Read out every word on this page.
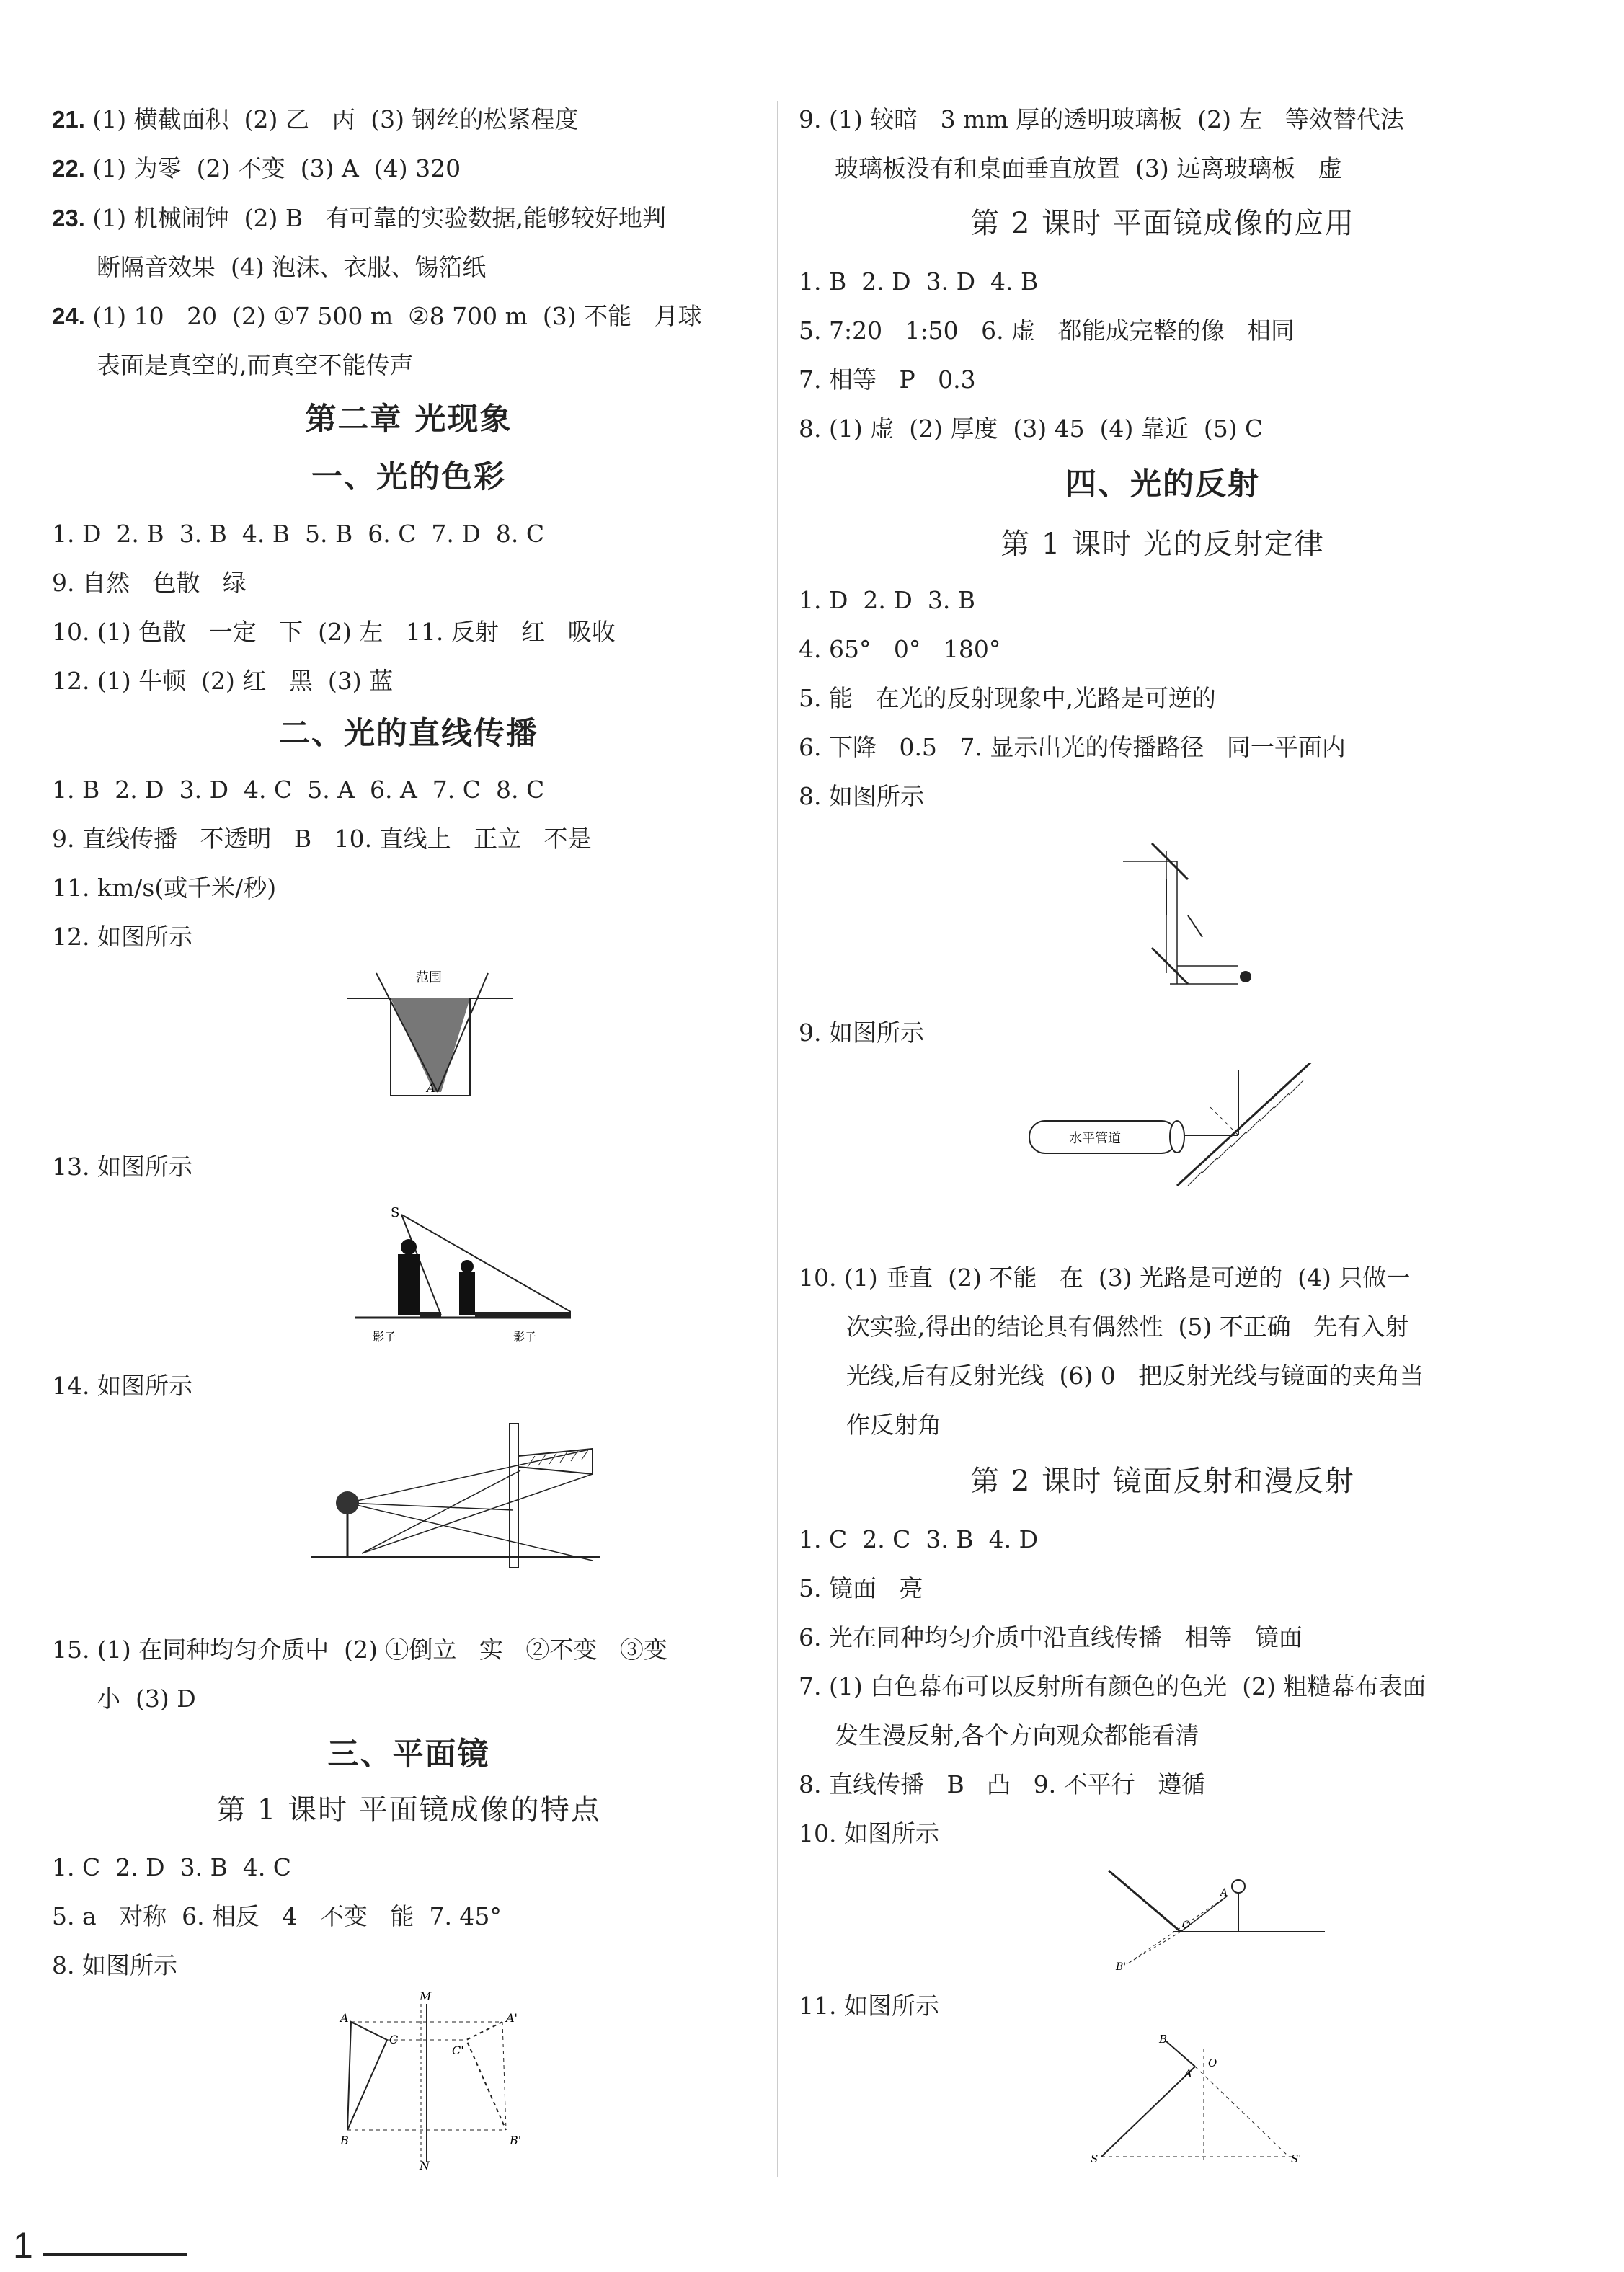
21. (1) 横截面积  (2) 乙   丙  (3) 钢丝的松紧程度
22. (1) 为零  (2) 不变  (3) A  (4) 320
23. (1) 机械闹钟  (2) B   有可靠的实验数据,能够较好地判
断隔音效果  (4) 泡沫、衣服、锡箔纸
24. (1) 10   20  (2) ①7 500 m  ②8 700 m  (3) 不能   月球
表面是真空的,而真空不能传声
第二章 光现象
一、光的色彩
1. D  2. B  3. B  4. B  5. B  6. C  7. D  8. C
9. 自然   色散   绿
10. (1) 色散   一定   下  (2) 左   11. 反射   红   吸收
12. (1) 牛顿  (2) 红   黑  (3) 蓝
二、光的直线传播
1. B  2. D  3. D  4. C  5. A  6. A  7. C  8. C
9. 直线传播   不透明   B   10. 直线上   正立   不是
11. km/s(或千米/秒)
12. 如图所示
范围
A
13. 如图所示
S
影子	影子
14. 如图所示
15. (1) 在同种均匀介质中  (2) ①倒立   实   ②不变   ③变
小  (3) D
三、平面镜
第 1 课时 平面镜成像的特点
1. C  2. D  3. B  4. C
5. a   对称  6. 相反   4   不变   能  7. 45°
8. 如图所示
M
N
A	A'
B	B'
C
C'
9. (1) 较暗   3 mm 厚的透明玻璃板  (2) 左   等效替代法
玻璃板没有和桌面垂直放置  (3) 远离玻璃板   虚
第 2 课时 平面镜成像的应用
1. B  2. D  3. D  4. B
5. 7:20   1:50   6. 虚   都能成完整的像   相同
7. 相等   P   0.3
8. (1) 虚  (2) 厚度  (3) 45  (4) 靠近  (5) C
四、光的反射
第 1 课时 光的反射定律
1. D  2. D  3. B
4. 65°   0°   180°
5. 能   在光的反射现象中,光路是可逆的
6. 下降   0.5   7. 显示出光的传播路径   同一平面内
8. 如图所示
9. 如图所示
水平管道
10. (1) 垂直  (2) 不能   在  (3) 光路是可逆的  (4) 只做一
次实验,得出的结论具有偶然性  (5) 不正确   先有入射
光线,后有反射光线  (6) 0   把反射光线与镜面的夹角当
作反射角
第 2 课时 镜面反射和漫反射
1. C  2. C  3. B  4. D
5. 镜面   亮
6. 光在同种均匀介质中沿直线传播   相等   镜面
7. (1) 白色幕布可以反射所有颜色的色光  (2) 粗糙幕布表面
发生漫反射,各个方向观众都能看清
8. 直线传播   B   凸   9. 不平行   遵循
10. 如图所示
A
O
B'
11. 如图所示
B
A
O
S	S'
1
